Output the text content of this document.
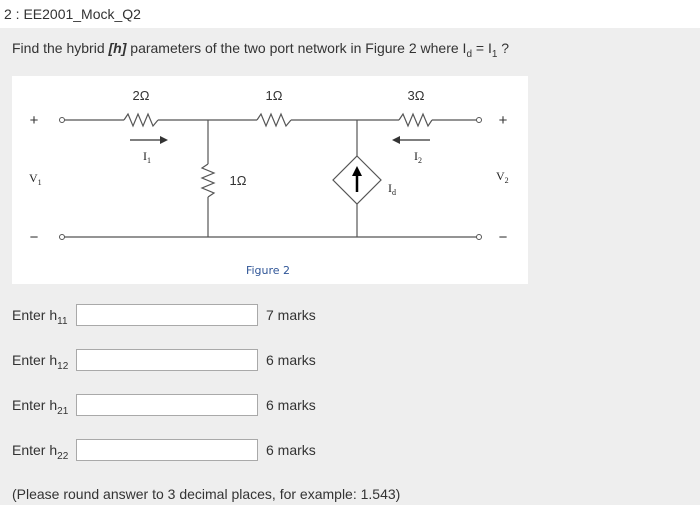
2 : EE2001_Mock_Q2
Find the hybrid [h] parameters of the two port network in Figure 2 where $I_d = I_1$ ?
2Ω	1Ω	3Ω
1Ω
+
−
+
−
$V_1$	$V_2$
$I_1$	$I_2$
$I_d$
Figure 2
Enter $h_{11}$	7 marks
Enter $h_{12}$	6 marks
Enter $h_{21}$	6 marks
Enter $h_{22}$	6 marks
(Please round answer to 3 decimal places, for example: 1.543)
